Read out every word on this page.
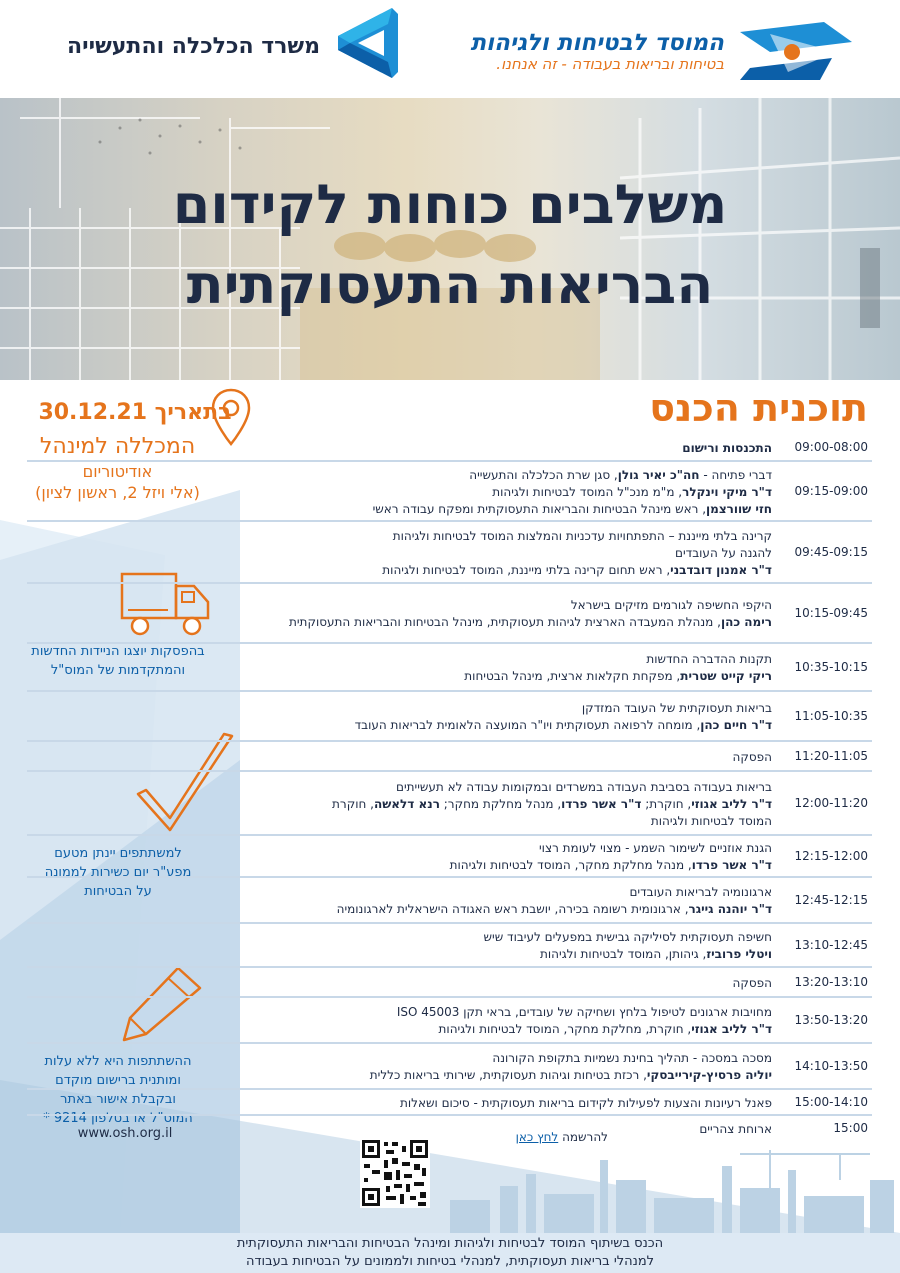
המוסד לבטיחות ולגיהות
בטיחות ובריאות בעבודה - זה אנחנו.
משרד הכלכלה והתעשייה
משלבים כוחות לקידום
הבריאות התעסוקתית
בתאריך 30.12.21
המכללה למינהל
אודיטוריום
(אלי ויזל 2, ראשון לציון)
בהפסקות יוצגו הניידות החדשות
והמתקדמות של המוס"ל
למשתתפים יינתן מטעם
מפע"ר יום כשירות לממונה
על הבטיחות
ההשתתפות היא ללא עלות
ומותנית ברישום מוקדם
ובקבלת אישור באתר
המוס"ל או בטלפון 9214 *
www.osh.org.il
תוכנית הכנס
09:00-08:00
התכנסות ורישום
09:15-09:00
דברי פתיחה - חה"כ יאיר גולן, סגן שרת הכלכלה והתעשייה
ד"ר מיקי וינקלר, מ"מ מנכ"ל המוסד לבטיחות ולגיהות
חזי שוורצמן, ראש מינהל הבטיחות והבריאות התעסוקתית ומפקח עבודה ראשי
09:45-09:15
קרינה בלתי מייננת – התפתחויות עדכניות והמלצות המוסד לבטיחות ולגיהות
להגנה על העובדים
ד"ר אמנון דובדבני, ראש תחום קרינה בלתי מייננת, המוסד לבטיחות ולגיהות
10:15-09:45
היקפי החשיפה לגורמים מזיקים בישראל
רימה כהן, מנהלת המעבדה הארצית לגיהות תעסוקתית, מינהל הבטיחות והבריאות התעסוקתית
10:35-10:15
תקנות ההדברה החדשות
ריקי קייט שטרית, מפקחת חקלאות ארצית, מינהל הבטיחות
11:05-10:35
בריאות תעסוקתית של העובד המזדקן
ד"ר חיים כהן, מומחה לרפואה תעסוקתית ויו"ר המועצה הלאומית לבריאות העובד
11:20-11:05
הפסקה
12:00-11:20
בריאות בעבודה בסביבת העבודה במשרדים ובמקומות עבודה לא תעשייתים
ד"ר לליב אגוזי, חוקרת; ד"ר אשר פרדו, מנהל מחלקת מחקר; רנא דלאשה, חוקרת
המוסד לבטיחות ולגיהות
12:15-12:00
הגנת אוזניים לשימור השמע - מצוי לעומת רצוי
ד"ר אשר פרדו, מנהל מחלקת מחקר, המוסד לבטיחות ולגיהות
12:45-12:15
ארגונומיה לבריאות העובדים
ד"ר יוהנה גייגר, ארגונומית רשומה בכירה, יושבת ראש האגודה הישראלית לארגונומיה
13:10-12:45
חשיפה תעסוקתית לסיליקה גבישית במפעלים לעיבוד שיש
ויטלי פרוביז, גיהותן, המוסד לבטיחות ולגיהות
13:20-13:10
הפסקה
13:50-13:20
מחויבות ארגונים לטיפול בלחץ ושחיקה של עובדים, בראי תקן ISO 45003
ד"ר לליב אגוזי, חוקרת, מחלקת מחקר, המוסד לבטיחות ולגיהות
14:10-13:50
מסכה במסכה - תהליך בחינת נשמיות בתקופת הקורונה
יוליה פרסיץ-קירייבסקי, רכזת בטיחות וגיהות תעסוקתית, שירותי בריאות כללית
15:00-14:10
פאנל רעיונות והצעות לפעילות לקידום בריאות תעסוקתית - סיכום ושאלות
15:00
ארוחת צהריים
להרשמה לחץ כאן
הכנס בשיתוף המוסד לבטיחות ולגיהות ומינהל הבטיחות והבריאות התעסוקתית
למנהלי בריאות תעסוקתית, למנהלי בטיחות ולממונים על הבטיחות בעבודה
